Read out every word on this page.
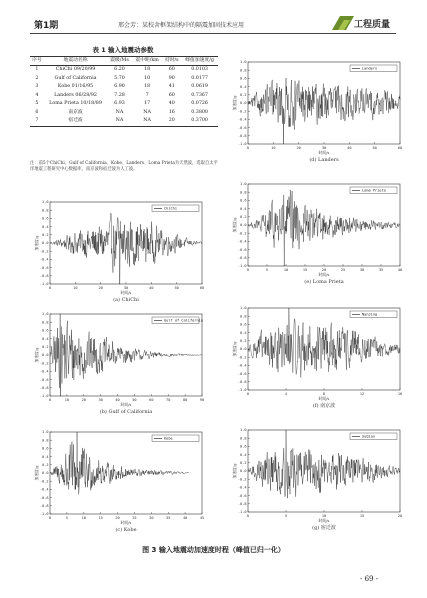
第1期	邢会芳：某校舍框架结构中的隔震加固技术应用	工程质量
表 1 输入地震动参数
序号	地震动名称	震级/Ms	震中距/km	持时/s	峰值加速度/g
1	ChiChi 09/20/99	6.20	18	60	0.0103
2	Gulf of California	5.70	10	90	0.0177
3	Kobe 01/16/95	6.90	18	41	0.0619
4	Landers 06/28/92	7.28	7	60	0.7367
5	Loma Prieta 10/18/89	6.93	17	40	0.0726
6	南京波	NA	NA	16	0.3800
7	宿迁波	NA	NA	20	0.3700
注：前5个ChiChi、Gulf of California、Kobe、Landers、Loma Prieta为天然波，选取自太平洋地震工程研究中心数据库，南京波和宿迁波为人工波。
1.0
0.8
0.6
0.4
0.2
0.0
-0.2
-0.4
-0.6
-0.8
-1.0
0	10	20	30	40	50	60
加速度/g
时间/s
ChiChi
(a) ChiChi
1.0
0.8
0.6
0.4
0.2
0.0
-0.2
-0.4
-0.6
-0.8
-1.0
0	10	20	30	40	50	60	70	80	90
加速度/g
时间/s
Gulf of California
(b) Gulf of California
1.0
0.8
0.6
0.4
0.2
0.0
-0.2
-0.4
-0.6
-0.8
-1.0
0	5	10	15	20	25	30	35	40	45
加速度/g
时间/s
Kobe
(c) Kobe
1.0
0.8
0.6
0.4
0.2
0.0
-0.2
-0.4
-0.6
-0.8
-1.0
0	10	20	30	40	50	60
加速度/g
时间/s
Landers
(d) Landers
1.0
0.8
0.6
0.4
0.2
0.0
-0.2
-0.4
-0.6
-0.8
-1.0
0	5	10	15	20	25	30	35	40
加速度/g
时间/s
Loma Prieta
(e) Loma Prieta
1.0
0.8
0.6
0.4
0.2
0.0
-0.2
-0.4
-0.6
-0.8
-1.0
0	4	8	12	16
加速度/g
时间/s
NanJing
(f) 南京波
1.0
0.8
0.6
0.4
0.2
0.0
-0.2
-0.4
-0.6
-0.8
-1.0
0	5	10	15	20
加速度/g
时间/s
SuQian
(g) 宿迁波
图 3 输入地震动加速度时程（峰值已归一化）
- 69 -
